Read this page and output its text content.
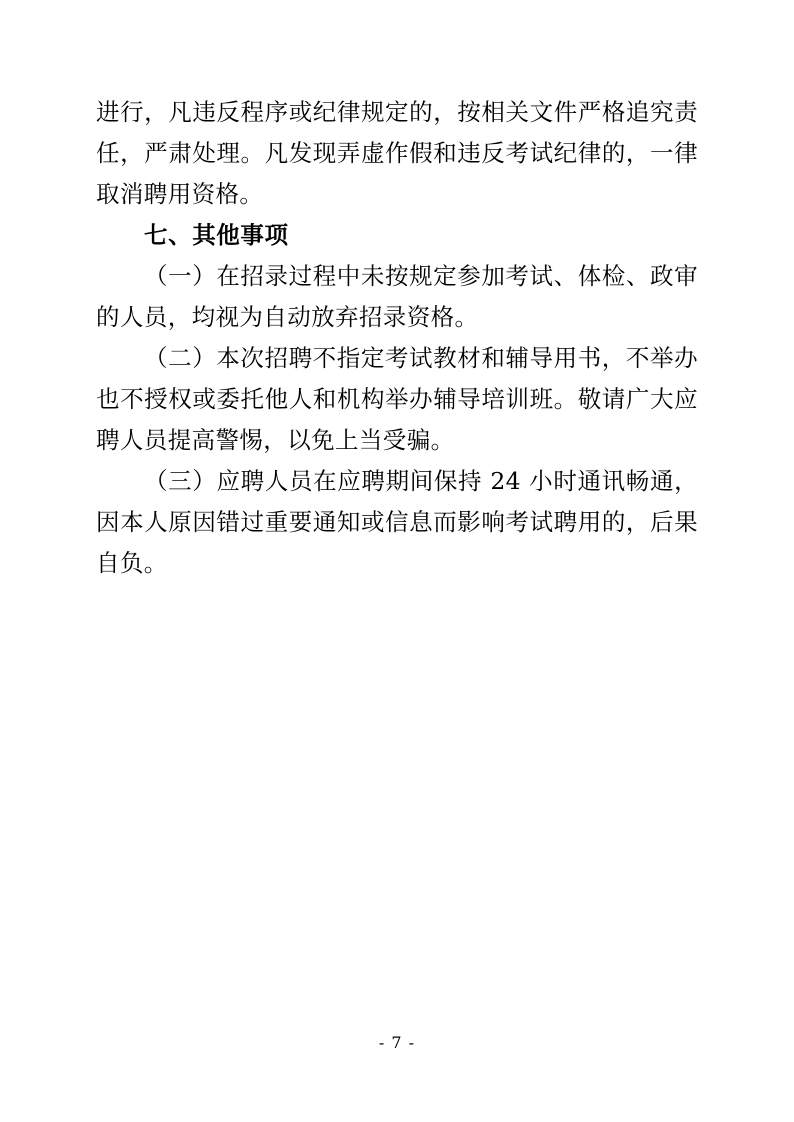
进行，凡违反程序或纪律规定的，按相关文件严格追究责任，严肃处理。凡发现弄虚作假和违反考试纪律的，一律取消聘用资格。

七、其他事项

（一）在招录过程中未按规定参加考试、体检、政审的人员，均视为自动放弃招录资格。

（二）本次招聘不指定考试教材和辅导用书，不举办也不授权或委托他人和机构举办辅导培训班。敬请广大应聘人员提高警惕，以免上当受骗。

（三）应聘人员在应聘期间保持 24 小时通讯畅通，因本人原因错过重要通知或信息而影响考试聘用的，后果自负。

- 7 -
